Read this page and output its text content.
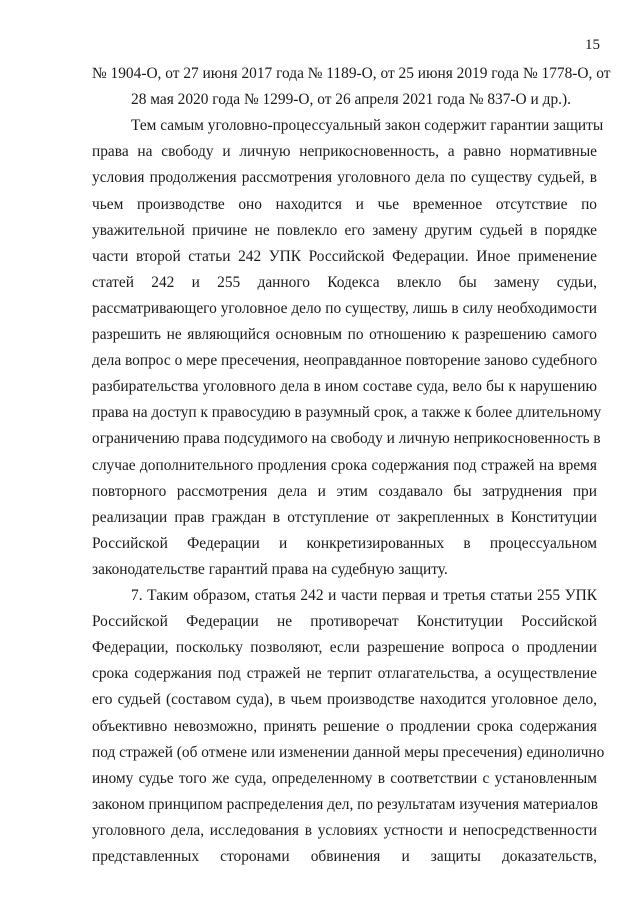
15
№ 1904-О, от 27 июня 2017 года № 1189-О, от 25 июня 2019 года № 1778-О, от
28 мая 2020 года № 1299-О, от 26 апреля 2021 года № 837-О и др.).
Тем самым уголовно-процессуальный закон содержит гарантии защиты
права на свободу и личную неприкосновенность, а равно нормативные
условия продолжения рассмотрения уголовного дела по существу судьей, в
чьем производстве оно находится и чье временное отсутствие по
уважительной причине не повлекло его замену другим судьей в порядке
части второй статьи 242 УПК Российской Федерации. Иное применение
статей 242 и 255 данного Кодекса влекло бы замену судьи,
рассматривающего уголовное дело по существу, лишь в силу необходимости
разрешить не являющийся основным по отношению к разрешению самого
дела вопрос о мере пресечения, неоправданное повторение заново судебного
разбирательства уголовного дела в ином составе суда, вело бы к нарушению
права на доступ к правосудию в разумный срок, а также к более длительному
ограничению права подсудимого на свободу и личную неприкосновенность в
случае дополнительного продления срока содержания под стражей на время
повторного рассмотрения дела и этим создавало бы затруднения при
реализации прав граждан в отступление от закрепленных в Конституции
Российской Федерации и конкретизированных в процессуальном
законодательстве гарантий права на судебную защиту.
7. Таким образом, статья 242 и части первая и третья статьи 255 УПК
Российской Федерации не противоречат Конституции Российской
Федерации, поскольку позволяют, если разрешение вопроса о продлении
срока содержания под стражей не терпит отлагательства, а осуществление
его судьей (составом суда), в чьем производстве находится уголовное дело,
объективно невозможно, принять решение о продлении срока содержания
под стражей (об отмене или изменении данной меры пресечения) единолично
иному судье того же суда, определенному в соответствии с установленным
законом принципом распределения дел, по результатам изучения материалов
уголовного дела, исследования в условиях устности и непосредственности
представленных сторонами обвинения и защиты доказательств,
